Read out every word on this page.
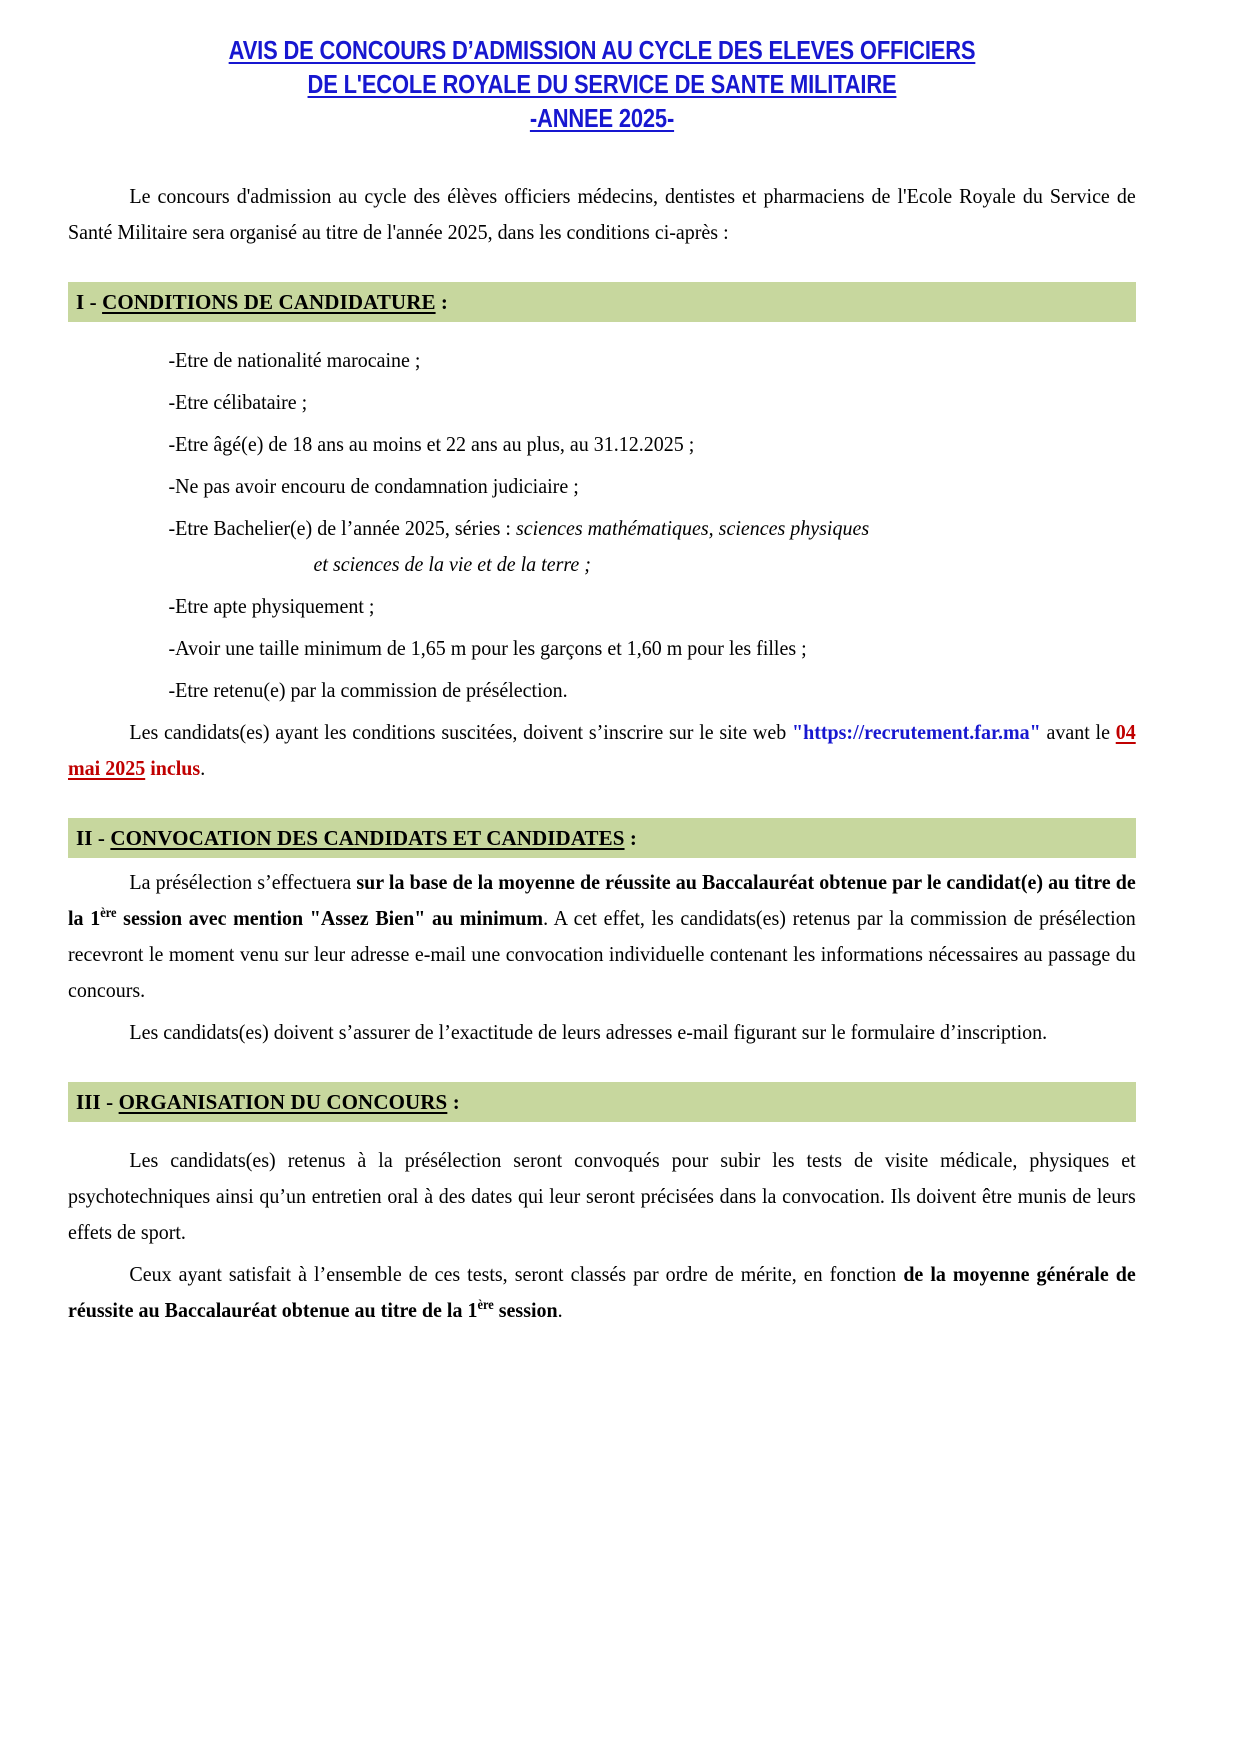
AVIS DE CONCOURS D’ADMISSION AU CYCLE DES ELEVES OFFICIERS
DE L'ECOLE ROYALE DU SERVICE DE SANTE MILITAIRE
-ANNEE 2025-

Le concours d'admission au cycle des élèves officiers médecins, dentistes et pharmaciens de l'Ecole Royale du Service de Santé Militaire sera organisé au titre de l'année 2025, dans les conditions ci-après :

I - CONDITIONS DE CANDIDATURE :
-Etre de nationalité marocaine ;
-Etre célibataire ;
-Etre âgé(e) de 18 ans au moins et 22 ans au plus, au 31.12.2025 ;
-Ne pas avoir encouru de condamnation judiciaire ;
-Etre Bachelier(e) de l’année 2025, séries : sciences mathématiques, sciences physiques
et sciences de la vie et de la terre ;
-Etre apte physiquement ;
-Avoir une taille minimum de 1,65 m pour les garçons et 1,60 m pour les filles ;
-Etre retenu(e) par la commission de présélection.

Les candidats(es) ayant les conditions suscitées, doivent s’inscrire sur le site web "https://recrutement.far.ma" avant le 04 mai 2025 inclus.

II - CONVOCATION DES CANDIDATS ET CANDIDATES :

La présélection s’effectuera sur la base de la moyenne de réussite au Baccalauréat obtenue par le candidat(e) au titre de la 1ère session avec mention "Assez Bien" au minimum. A cet effet, les candidats(es) retenus par la commission de présélection recevront le moment venu sur leur adresse e-mail une convocation individuelle contenant les informations nécessaires au passage du concours.

Les candidats(es) doivent s’assurer de l’exactitude de leurs adresses e-mail figurant sur le formulaire d’inscription.

III - ORGANISATION DU CONCOURS :

Les candidats(es) retenus à la présélection seront convoqués pour subir les tests de visite médicale, physiques et psychotechniques ainsi qu’un entretien oral à des dates qui leur seront précisées dans la convocation. Ils doivent être munis de leurs effets de sport.

Ceux ayant satisfait à l’ensemble de ces tests, seront classés par ordre de mérite, en fonction de la moyenne générale de réussite au Baccalauréat obtenue au titre de la 1ère session.
